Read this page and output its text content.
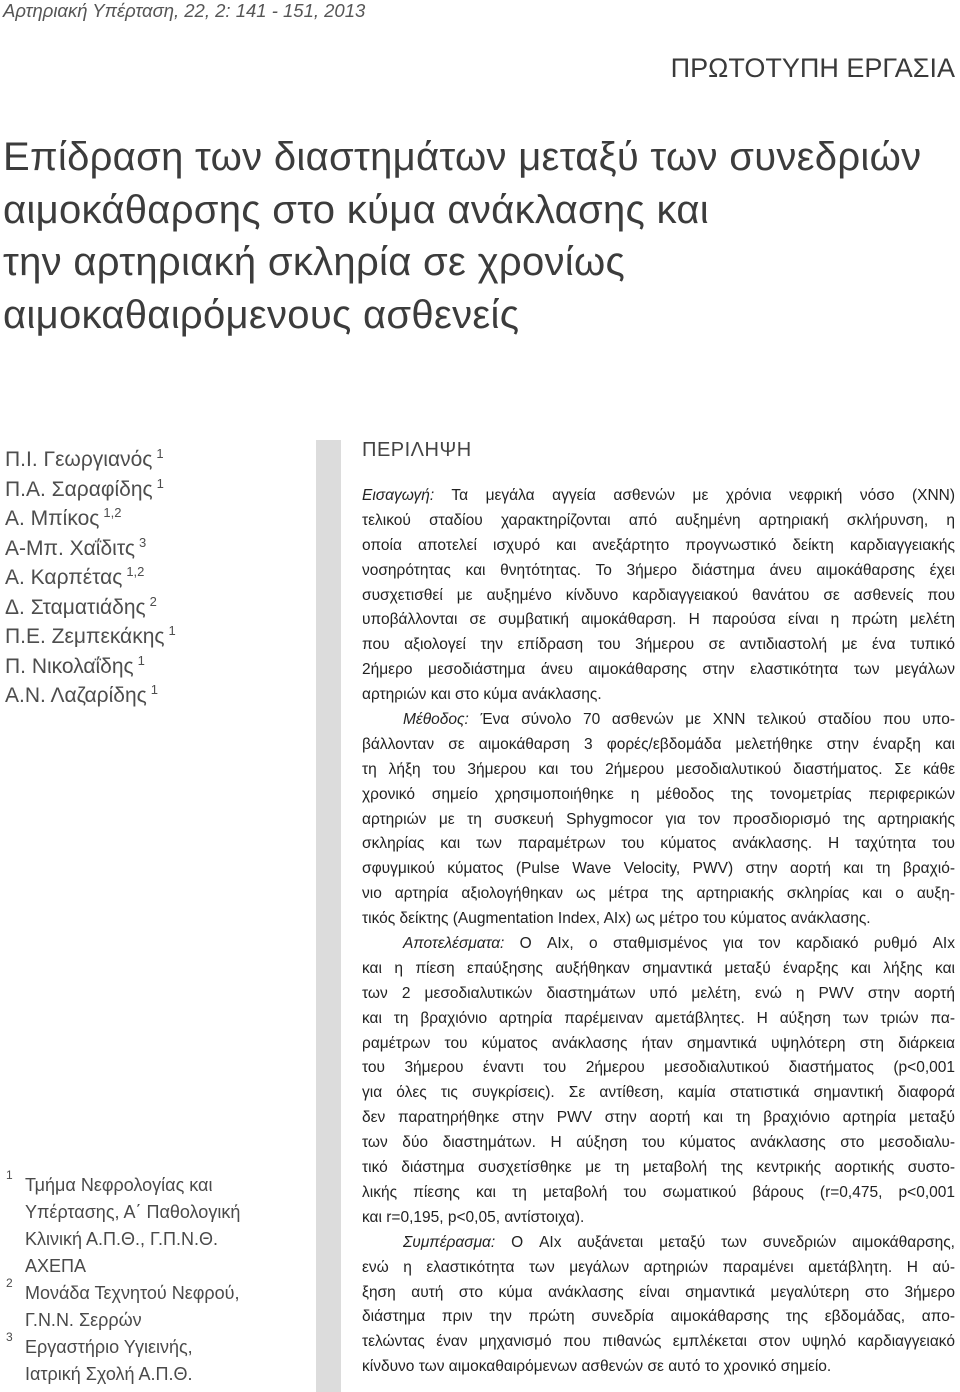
Αρτηριακή Υπέρταση, 22, 2: 141 - 151, 2013
ΠΡΩΤΟΤΥΠΗ ΕΡΓΑΣΙΑ
Επίδραση των διαστημάτων μεταξύ των συνεδριών
αιμοκάθαρσης στο κύμα ανάκλασης και
την αρτηριακή σκληρία σε χρονίως
αιμοκαθαιρόμενους ασθενείς
Π.Ι. Γεωργιανός $^1$
Π.Α. Σαραφίδης $^1$
Α. Μπίκος $^{1,2}$
Α-Μπ. Χαΐδιτς $^3$
Α. Καρπέτας $^{1,2}$
Δ. Σταματιάδης $^2$
Π.Ε. Ζεμπεκάκης $^1$
Π. Νικολαΐδης $^1$
Α.Ν. Λαζαρίδης $^1$
1 Τμήμα Νεφρολογίας και
Υπέρτασης, Α΄ Παθολογική
Κλινική Α.Π.Θ., Γ.Π.Ν.Θ.
ΑΧΕΠΑ
2 Μονάδα Τεχνητού Νεφρού,
Γ.Ν.Ν. Σερρών
3 Εργαστήριο Υγιεινής,
Ιατρική Σχολή Α.Π.Θ.
ΠΕΡΙΛΗΨΗ
Εισαγωγή: Τα μεγάλα αγγεία ασθενών με χρόνια νεφρική νόσο (ΧΝΝ)
τελικού σταδίου χαρακτηρίζονται από αυξημένη αρτηριακή σκλήρυνση, η
οποία αποτελεί ισχυρό και ανεξάρτητο προγνωστικό δείκτη καρδιαγγειακής
νοσηρότητας και θνητότητας. Το 3ήμερο διάστημα άνευ αιμοκάθαρσης έχει
συσχετισθεί με αυξημένο κίνδυνο καρδιαγγειακού θανάτου σε ασθενείς που
υποβάλλονται σε συμβατική αιμοκάθαρση. Η παρούσα είναι η πρώτη μελέτη
που αξιολογεί την επίδραση του 3ήμερου σε αντιδιαστολή με ένα τυπικό
2ήμερο μεσοδιάστημα άνευ αιμοκάθαρσης στην ελαστικότητα των μεγάλων
αρτηριών και στο κύμα ανάκλασης.
Μέθοδος: Ένα σύνολο 70 ασθενών με ΧΝΝ τελικού σταδίου που υπο-
βάλλονταν σε αιμοκάθαρση 3 φορές/εβδομάδα μελετήθηκε στην έναρξη και
τη λήξη του 3ήμερου και του 2ήμερου μεσοδιαλυτικού διαστήματος. Σε κάθε
χρονικό σημείο χρησιμοποιήθηκε η μέθοδος της τονομετρίας περιφερικών
αρτηριών με τη συσκευή Sphygmocor για τον προσδιορισμό της αρτηριακής
σκληρίας και των παραμέτρων του κύματος ανάκλασης. Η ταχύτητα του
σφυγμικού κύματος (Pulse Wave Velocity, PWV) στην αορτή και τη βραχιό-
νιο αρτηρία αξιολογήθηκαν ως μέτρα της αρτηριακής σκληρίας και ο αυξη-
τικός δείκτης (Augmentation Index, AIx) ως μέτρο του κύματος ανάκλασης.
Αποτελέσματα: Ο AIx, ο σταθμισμένος για τον καρδιακό ρυθμό AIx
και η πίεση επαύξησης αυξήθηκαν σημαντικά μεταξύ έναρξης και λήξης και
των 2 μεσοδιαλυτικών διαστημάτων υπό μελέτη, ενώ η PWV στην αορτή
και τη βραχιόνιο αρτηρία παρέμειναν αμετάβλητες. Η αύξηση των τριών πα-
ραμέτρων του κύματος ανάκλασης ήταν σημαντικά υψηλότερη στη διάρκεια
του 3ήμερου έναντι του 2ήμερου μεσοδιαλυτικού διαστήματος (p<0,001
για όλες τις συγκρίσεις). Σε αντίθεση, καμία στατιστικά σημαντική διαφορά
δεν παρατηρήθηκε στην PWV στην αορτή και τη βραχιόνιο αρτηρία μεταξύ
των δύο διαστημάτων. Η αύξηση του κύματος ανάκλασης στο μεσοδιαλυ-
τικό διάστημα συσχετίσθηκε με τη μεταβολή της κεντρικής αορτικής συστο-
λικής πίεσης και τη μεταβολή του σωματικού βάρους (r=0,475, p<0,001
και r=0,195, p<0,05, αντίστοιχα).
Συμπέρασμα: Ο AIx αυξάνεται μεταξύ των συνεδριών αιμοκάθαρσης,
ενώ η ελαστικότητα των μεγάλων αρτηριών παραμένει αμετάβλητη. Η αύ-
ξηση αυτή στο κύμα ανάκλασης είναι σημαντικά μεγαλύτερη στο 3ήμερο
διάστημα πριν την πρώτη συνεδρία αιμοκάθαρσης της εβδομάδας, απο-
τελώντας έναν μηχανισμό που πιθανώς εμπλέκεται στον υψηλό καρδιαγγειακό
κίνδυνο των αιμοκαθαιρόμενων ασθενών σε αυτό το χρονικό σημείο.
